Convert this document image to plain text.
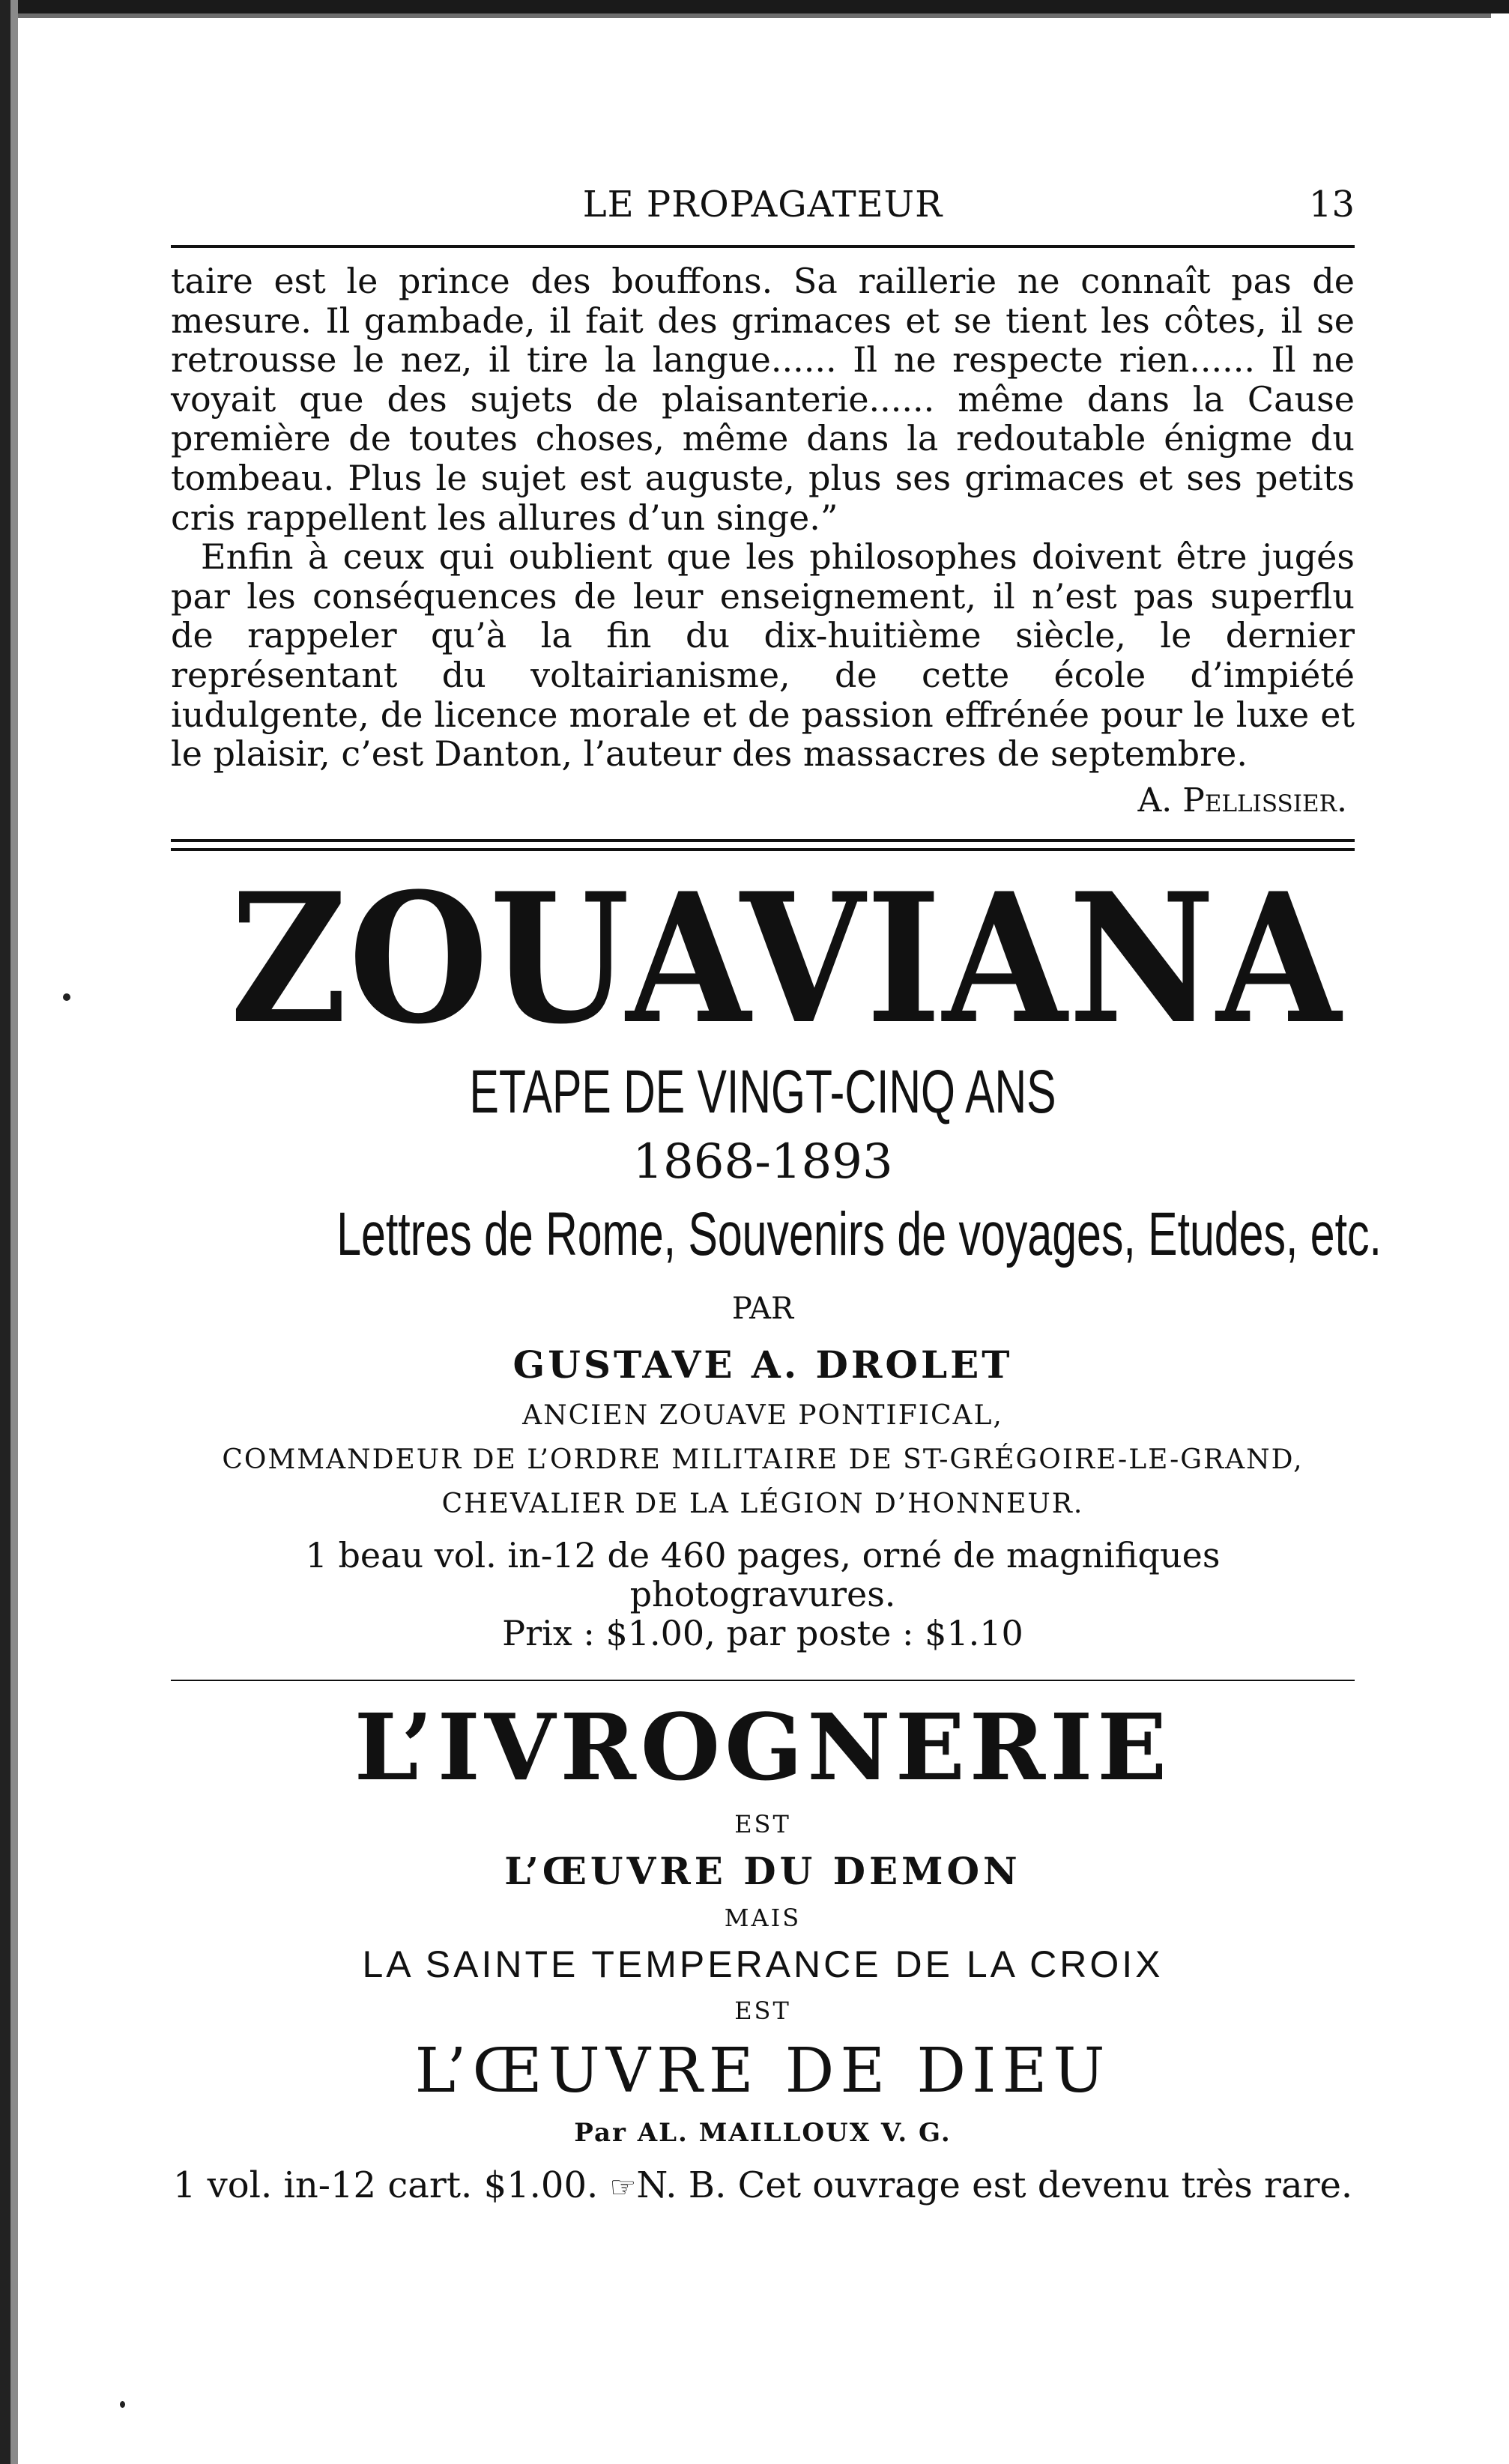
LE PROPAGATEUR	13

taire est le prince des bouffons. Sa raillerie ne connaît pas de mesure. Il gambade, il fait des grimaces et se tient les côtes, il se retrousse le nez, il tire la langue...... Il ne respecte rien...... Il ne voyait que des sujets de plaisanterie...... même dans la Cause première de toutes choses, même dans la redoutable énigme du tombeau. Plus le sujet est auguste, plus ses grimaces et ses petits cris rappellent les allures d’un singe.”

Enfin à ceux qui oublient que les philosophes doivent être jugés par les conséquences de leur enseignement, il n’est pas superflu de rappeler qu’à la fin du dix-huitième siècle, le dernier représentant du voltairianisme, de cette école d’impiété iudulgente, de licence morale et de passion effrénée pour le luxe et le plaisir, c’est Danton, l’auteur des massacres de septembre.

A. Pellissier.

ZOUAVIANA
ETAPE DE VINGT-CINQ ANS
1868-1893
Lettres de Rome, Souvenirs de voyages, Etudes, etc.
PAR
GUSTAVE A. DROLET
ANCIEN ZOUAVE PONTIFICAL,
COMMANDEUR DE L’ORDRE MILITAIRE DE ST-GRÉGOIRE-LE-GRAND,
CHEVALIER DE LA LÉGION D’HONNEUR.
1 beau vol. in-12 de 460 pages, orné de magnifiques photogravures.
Prix : $1.00, par poste : $1.10
L’IVROGNERIE
EST
L’ŒUVRE DU DEMON
MAIS
LA SAINTE TEMPERANCE DE LA CROIX
EST
L’ŒUVRE DE DIEU
Par AL. MAILLOUX V. G.
1 vol. in-12 cart. $1.00. ☞N. B. Cet ouvrage est devenu très rare.
